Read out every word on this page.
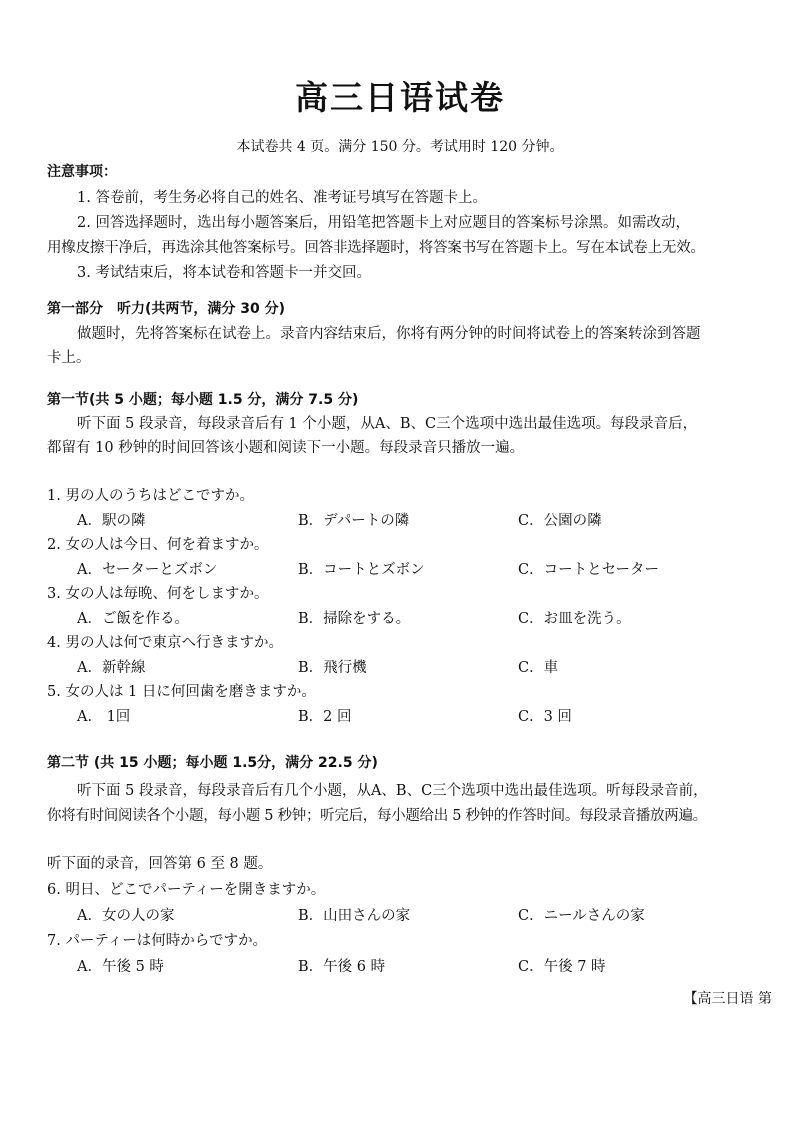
高三日语试卷
本试卷共 4 页。满分 150 分。考试用时 120 分钟。
注意事项：
1. 答卷前，考生务必将自己的姓名、准考证号填写在答题卡上。
2. 回答选择题时，选出每小题答案后，用铅笔把答题卡上对应题目的答案标号涂黑。如需改动，
用橡皮擦干净后，再选涂其他答案标号。回答非选择题时，将答案书写在答题卡上。写在本试卷上无效。
3. 考试结束后，将本试卷和答题卡一并交回。
第一部分　听力(共两节，满分 30 分)
做题时，先将答案标在试卷上。录音内容结束后，你将有两分钟的时间将试卷上的答案转涂到答题
卡上。
第一节(共 5 小题；每小题 1.5 分，满分 7.5 分)
听下面 5 段录音，每段录音后有 1 个小题，从A、B、C三个选项中选出最佳选项。每段录音后，
都留有 10 秒钟的时间回答该小题和阅读下一小题。每段录音只播放一遍。
1. 男の人のうちはどこですか。
A．駅の隣	B．デパートの隣	C．公園の隣
2. 女の人は今日、何を着ますか。
A．セーターとズボン	B．コートとズボン	C．コートとセーター
3. 女の人は毎晩、何をしますか。
A．ご飯を作る。	B．掃除をする。	C．お皿を洗う。
4. 男の人は何で東京へ行きますか。
A．新幹線	B．飛行機	C．車
5. 女の人は 1 日に何回歯を磨きますか。
A． 1回	B．2 回	C．3 回
第二节 (共 15 小题；每小题 1.5分，满分 22.5 分)
听下面 5 段录音，每段录音后有几个小题，从A、B、C三个选项中选出最佳选项。听每段录音前，
你将有时间阅读各个小题，每小题 5 秒钟；听完后，每小题给出 5 秒钟的作答时间。每段录音播放两遍。
听下面的录音，回答第 6 至 8 题。
6. 明日、どこでパーティーを開きますか。
A．女の人の家	B．山田さんの家	C．ニールさんの家
7. パーティーは何時からですか。
A．午後 5 時	B．午後 6 時	C．午後 7 時
【高三日语 第
